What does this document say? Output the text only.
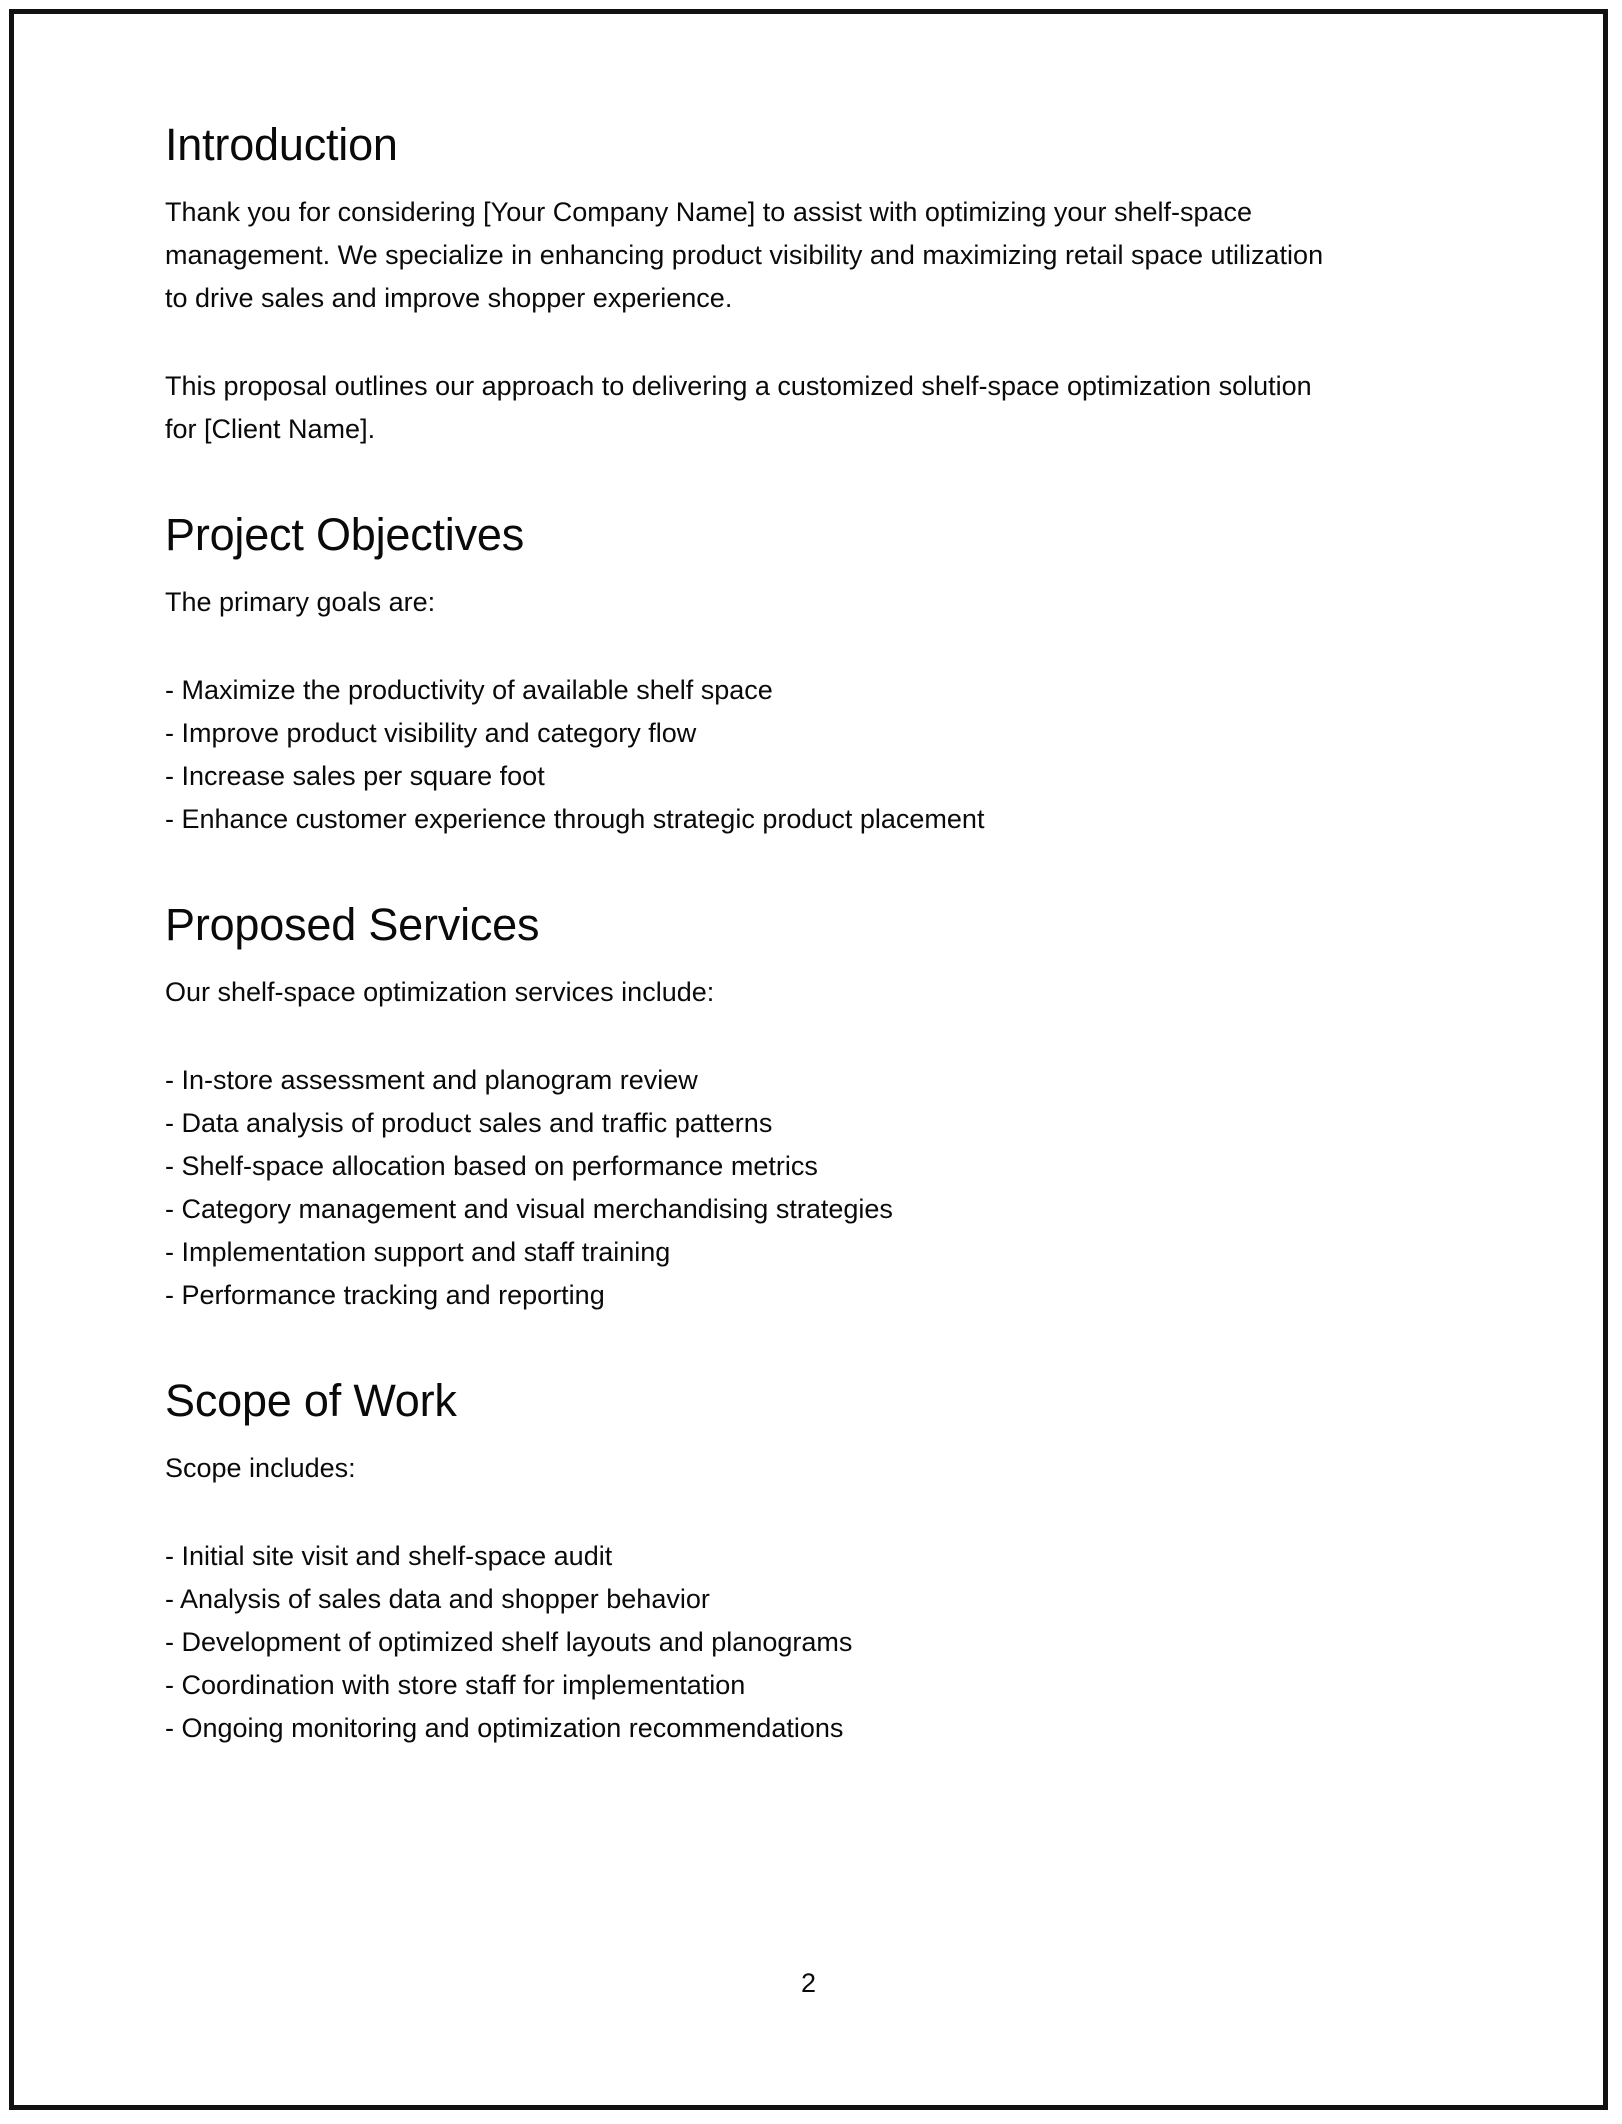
Introduction

Thank you for considering [Your Company Name] to assist with optimizing your shelf-space management. We specialize in enhancing product visibility and maximizing retail space utilization to drive sales and improve shopper experience.

This proposal outlines our approach to delivering a customized shelf-space optimization solution for [Client Name].

Project Objectives

The primary goals are:

- Maximize the productivity of available shelf space
- Improve product visibility and category flow
- Increase sales per square foot
- Enhance customer experience through strategic product placement
Proposed Services

Our shelf-space optimization services include:

- In-store assessment and planogram review
- Data analysis of product sales and traffic patterns
- Shelf-space allocation based on performance metrics
- Category management and visual merchandising strategies
- Implementation support and staff training
- Performance tracking and reporting
Scope of Work

Scope includes:

- Initial site visit and shelf-space audit
- Analysis of sales data and shopper behavior
- Development of optimized shelf layouts and planograms
- Coordination with store staff for implementation
- Ongoing monitoring and optimization recommendations
2
